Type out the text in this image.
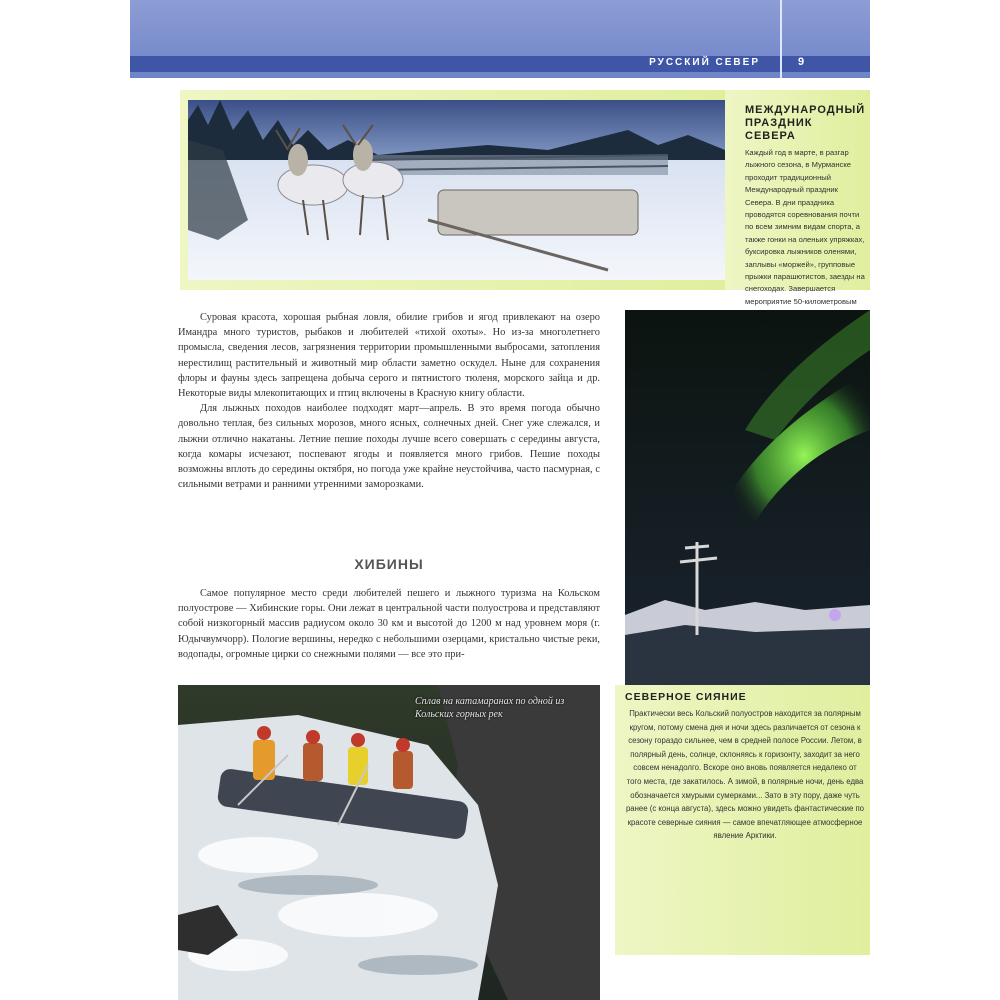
РУССКИЙ СЕВЕР	9
МЕЖДУНАРОДНЫЙ
ПРАЗДНИК СЕВЕРА
Каждый год в марте, в разгар лыжного сезона, в Мурманске проходит традиционный Международный праздник Севера. В дни праздника проводятся соревнования почти по всем зимним видам спорта, а также гонки на оленьих упряжках, буксировка лыжников оленями, заплывы «моржей», групповые прыжки парашютистов, заезды на снегоходах. Завершается мероприятие 50-километровым

Суровая красота, хорошая рыбная ловля, обилие грибов и ягод привлекают на озеро Имандра много туристов, рыбаков и любителей «тихой охоты». Но из-за многолетнего промысла, сведения лесов, загрязнения территории промышленными выбросами, затопления нерестилищ растительный и животный мир области заметно оскудел. Ныне для сохранения флоры и фауны здесь запрещена добыча серого и пятнистого тюленя, морского зайца и др. Некоторые виды млекопитающих и птиц включены в Красную книгу области.

Для лыжных походов наиболее подходят март—апрель. В это время погода обычно довольно теплая, без сильных морозов, много ясных, солнечных дней. Снег уже слежался, и лыжни отлично накатаны. Летние пешие походы лучше всего совершать с середины августа, когда комары исчезают, поспевают ягоды и появляется много грибов. Пешие походы возможны вплоть до середины октября, но погода уже крайне неустойчива, часто пасмурная, с сильными ветрами и ранними утренними заморозками.

ХИБИНЫ

Самое популярное место среди любителей пешего и лыжного туризма на Кольском полуострове — Хибинские горы. Они лежат в центральной части полуострова и представляют собой низкогорный массив радиусом около 30 км и высотой до 1200 м над уровнем моря (г. Юдычвумчорр). Пологие вершины, нередко с небольшими озерцами, кристально чистые реки, водопады, огромные цирки со снежными полями — все это при-

СЕВЕРНОЕ СИЯНИЕ
Практически весь Кольский полуостров находится за полярным кругом, потому смена дня и ночи здесь различается от сезона к сезону гораздо сильнее, чем в средней полосе России. Летом, в полярный день, солнце, склоняясь к горизонту, заходит за него совсем ненадолго. Вскоре оно вновь появляется недалеко от того места, где закатилось. А зимой, в полярные ночи, день едва обозначается хмурыми сумерками... Зато в эту пору, даже чуть ранее (с конца августа), здесь можно увидеть фантастические по красоте северные сияния — самое впечатляющее атмосферное явление Арктики.
Сплав на катамаранах по одной из Кольских горных рек
